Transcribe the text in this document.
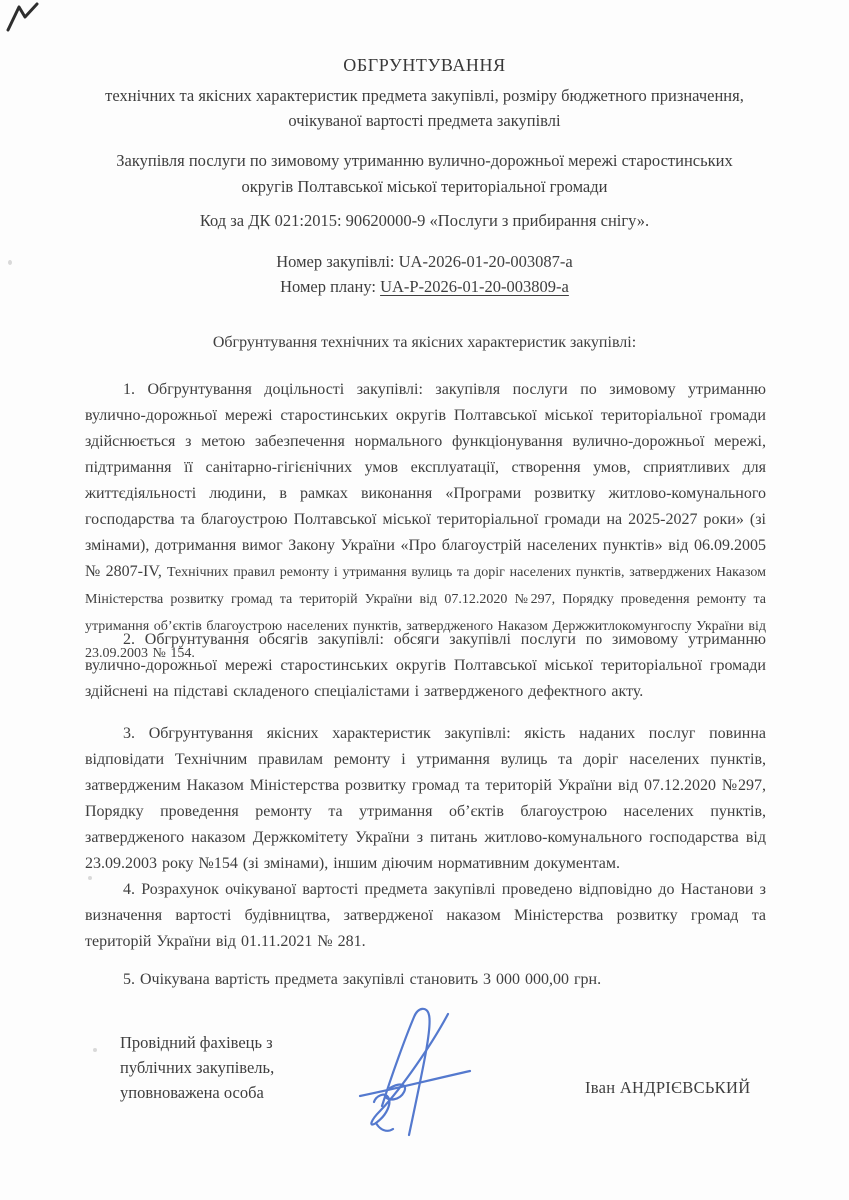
ОБГРУНТУВАННЯ
технічних та якісних характеристик предмета закупівлі, розміру бюджетного призначення,
очікуваної вартості предмета закупівлі
Закупівля послуги по зимовому утриманню вулично-дорожньої мережі старостинських
округів Полтавської міської територіальної громади
Код за ДК 021:2015: 90620000-9 «Послуги з прибирання снігу».
Номер закупівлі: UA-2026-01-20-003087-a
Номер плану: UA-P-2026-01-20-003809-a
Обгрунтування технічних та якісних характеристик закупівлі:

1. Обгрунтування доцільності закупівлі: закупівля послуги по зимовому утриманню вулично-дорожньої мережі старостинських округів Полтавської міської територіальної громади здійснюється з метою забезпечення нормального функціонування вулично-дорожньої мережі, підтримання її санітарно-гігієнічних умов експлуатації, створення умов, сприятливих для життєдіяльності людини, в рамках виконання «Програми розвитку житлово-комунального господарства та благоустрою Полтавської міської територіальної громади на 2025-2027 роки» (зі змінами), дотримання вимог Закону України «Про благоустрій населених пунктів» від 06.09.2005 № 2807-IV, Технічних правил ремонту і утримання вулиць та доріг населених пунктів, затверджених Наказом Міністерства розвитку громад та територій України від 07.12.2020 №297, Порядку проведення ремонту та утримання об’єктів благоустрою населених пунктів, затвердженого Наказом Держжитлокомунгоспу України від 23.09.2003 № 154.

2. Обгрунтування обсягів закупівлі: обсяги закупівлі послуги по зимовому утриманню вулично-дорожньої мережі старостинських округів Полтавської міської територіальної громади здійснені на підставі складеного спеціалістами і затвердженого дефектного акту.

3. Обгрунтування якісних характеристик закупівлі: якість наданих послуг повинна відповідати Технічним правилам ремонту і утримання вулиць та доріг населених пунктів, затвердженим Наказом Міністерства розвитку громад та територій України від 07.12.2020 №297, Порядку проведення ремонту та утримання об’єктів благоустрою населених пунктів, затвердженого наказом Держкомітету України з питань житлово-комунального господарства від 23.09.2003 року №154 (зі змінами), іншим діючим нормативним документам.

4. Розрахунок очікуваної вартості предмета закупівлі проведено відповідно до Настанови з визначення вартості будівництва, затвердженої наказом Міністерства розвитку громад та територій України від 01.11.2021 № 281.

5. Очікувана вартість предмета закупівлі становить 3 000 000,00 грн.

Провідний фахівець з
публічних закупівель,
уповноважена особа	Іван АНДРІЄВСЬКИЙ
